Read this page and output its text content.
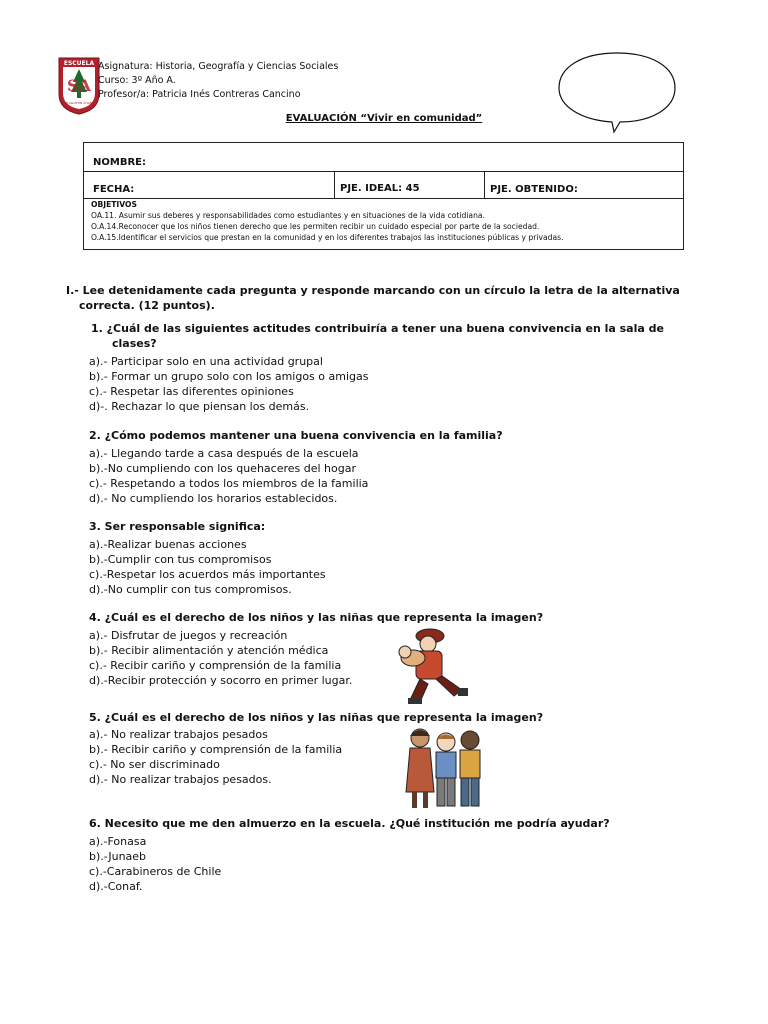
SA
ESCUELA
SAN AGUSTIN CHANCO
Asignatura: Historia, Geografía y Ciencias Sociales
Curso: 3º Año A.
Profesor/a: Patricia Inés Contreras Cancino
EVALUACIÓN “Vivir en comunidad”
NOMBRE:
FECHA:	PJE. IDEAL: 45	PJE. OBTENIDO:
OBJETIVOS
OA.11. Asumir sus deberes y responsabilidades como estudiantes y en situaciones de la vida cotidiana.
O.A.14.Reconocer que los niños tienen derecho que les permiten recibir un cuidado especial por parte de la sociedad.
O.A.15.Identificar el servicios que prestan en la comunidad y en los diferentes trabajos las instituciones públicas y privadas.
I.- Lee detenidamente cada pregunta y responde marcando con un círculo la letra de la alternativa
correcta. (12 puntos).
1. ¿Cuál de las siguientes actitudes contribuiría a tener una buena convivencia en la sala de
clases?
a).- Participar solo en una actividad grupal
b).- Formar un grupo solo con los amigos o amigas
c).- Respetar las diferentes opiniones
d)-. Rechazar lo que piensan los demás.
2. ¿Cómo podemos mantener una buena convivencia en la familia?
a).- Llegando tarde a casa después de la escuela
b).-No cumpliendo con los quehaceres del hogar
c).- Respetando a todos los miembros de la familia
d).- No cumpliendo los horarios establecidos.
3. Ser responsable significa:
a).-Realizar buenas acciones
b).-Cumplir con tus compromisos
c).-Respetar los acuerdos más importantes
d).-No cumplir con tus compromisos.
4. ¿Cuál es el derecho de los niños y las niñas que representa la imagen?
a).- Disfrutar de juegos y recreación
b).- Recibir alimentación y atención médica
c).- Recibir cariño y comprensión de la familia
d).-Recibir protección y socorro en primer lugar.
5. ¿Cuál es el derecho de los niños y las niñas que representa la imagen?
a).- No realizar trabajos pesados
b).- Recibir cariño y comprensión de la familia
c).- No ser discriminado
d).- No realizar trabajos pesados.
6. Necesito que me den almuerzo en la escuela. ¿Qué institución me podría ayudar?
a).-Fonasa
b).-Junaeb
c).-Carabineros de Chile
d).-Conaf.
